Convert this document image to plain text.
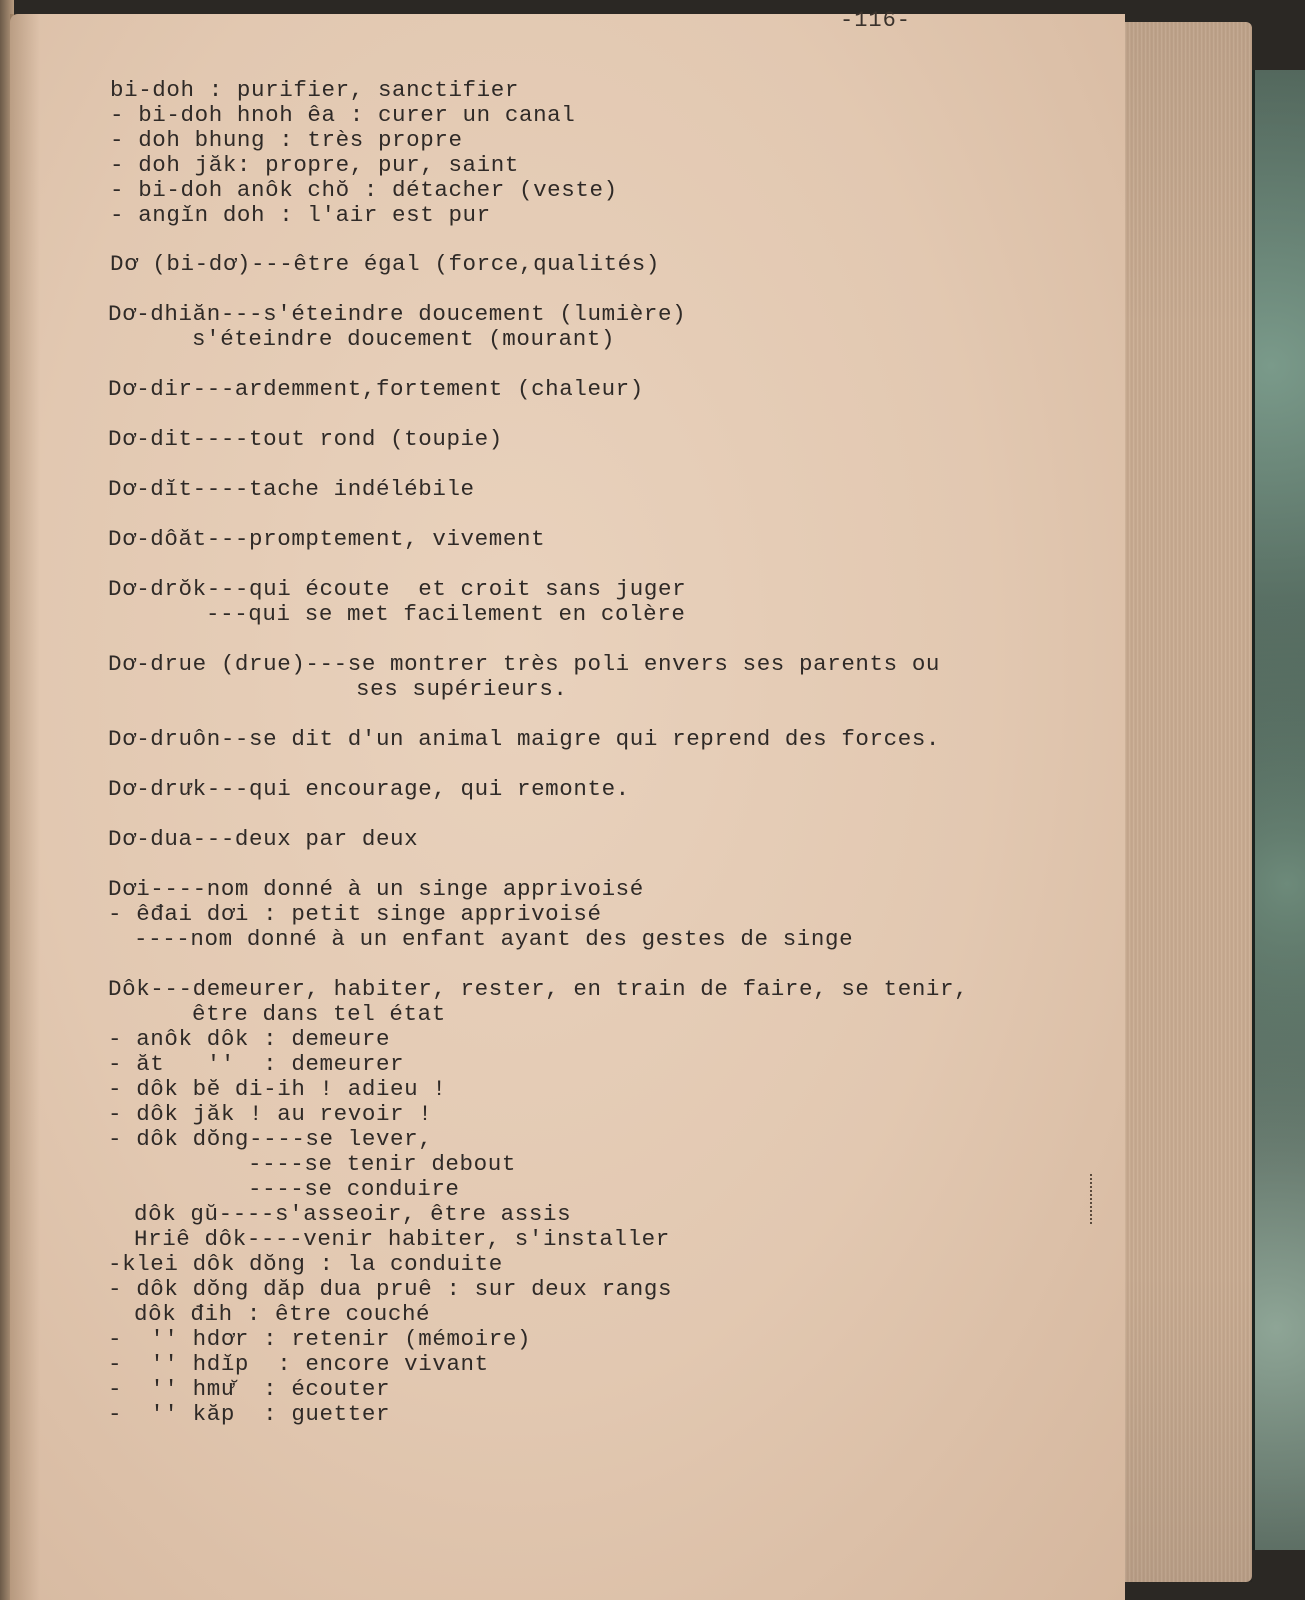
-116-
bi-doh : purifier, sanctifier
- bi-doh hnoh êa : curer un canal
- doh bhung : très propre
- doh jăk: propre, pur, saint
- bi-doh anôk chŏ : détacher (veste)
- angĭn doh : l'air est pur
Dơ (bi-dơ)---être égal (force,qualités)
Dơ-dhiăn---s'éteindre doucement (lumière)
s'éteindre doucement (mourant)
Dơ-dir---ardemment,fortement (chaleur)
Dơ-dit----tout rond (toupie)
Dơ-dĭt----tache indélébile
Dơ-dôăt---promptement, vivement
Dơ-drŏk---qui écoute  et croit sans juger
---qui se met facilement en colère
Dơ-drue (drue)---se montrer très poli envers ses parents ou
ses supérieurs.
Dơ-druôn--se dit d'un animal maigre qui reprend des forces.
Dơ-drưk---qui encourage, qui remonte.
Dơ-dua---deux par deux
Dơi----nom donné à un singe apprivoisé
- êđai dơi : petit singe apprivoisé
----nom donné à un enfant ayant des gestes de singe
Dôk---demeurer, habiter, rester, en train de faire, se tenir,
être dans tel état
- anôk dôk : demeure
- ăt   ''  : demeurer
- dôk bĕ di-ih ! adieu !
- dôk jăk ! au revoir !
- dôk dŏng----se lever,
----se tenir debout
----se conduire
dôk gŭ----s'asseoir, être assis
Hriê dôk----venir habiter, s'installer
-klei dôk dŏng : la conduite
- dôk dŏng dăp dua pruê : sur deux rangs
dôk đih : être couché
-  '' hdơr : retenir (mémoire)
-  '' hdĭp  : encore vivant
-  '' hmư̆  : écouter
-  '' kăp  : guetter
